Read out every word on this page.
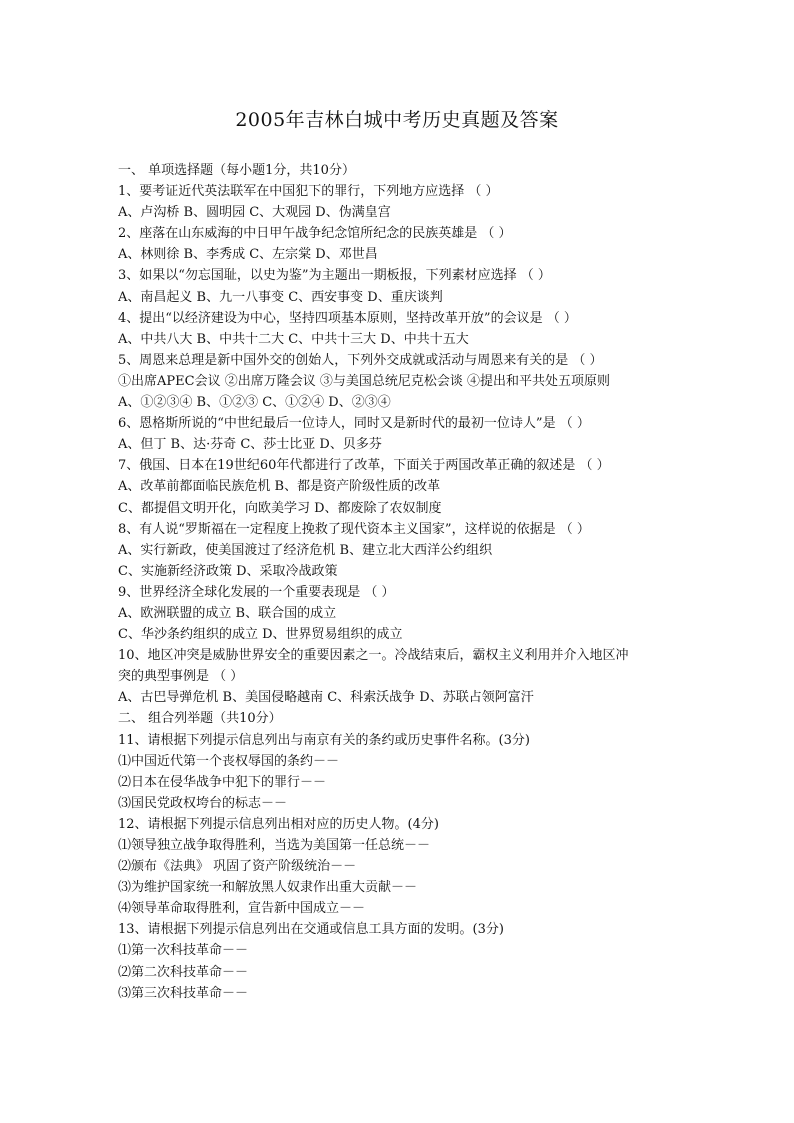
2005年吉林白城中考历史真题及答案
一、 单项选择题（每小题1分，共10分）
1、要考证近代英法联军在中国犯下的罪行，下列地方应选择 （ ）
A、卢沟桥 B、圆明园 C、大观园 D、伪满皇宫
2、座落在山东威海的中日甲午战争纪念馆所纪念的民族英雄是 （ ）
A、林则徐 B、李秀成 C、左宗棠 D、邓世昌
3、如果以“勿忘国耻，以史为鉴”为主题出一期板报，下列素材应选择 （ ）
A、南昌起义 B、九一八事变 C、西安事变 D、重庆谈判
4、提出“以经济建设为中心，坚持四项基本原则，坚持改革开放”的会议是 （ ）
A、中共八大 B、中共十二大 C、中共十三大 D、中共十五大
5、周恩来总理是新中国外交的创始人，下列外交成就或活动与周恩来有关的是 （ ）
①出席APEC会议 ②出席万隆会议 ③与美国总统尼克松会谈 ④提出和平共处五项原则
A、①②③④ B、①②③ C、①②④ D、②③④
6、恩格斯所说的“中世纪最后一位诗人，同时又是新时代的最初一位诗人”是 （ ）
A、但丁 B、达·芬奇 C、莎士比亚 D、贝多芬
7、俄国、日本在19世纪60年代都进行了改革，下面关于两国改革正确的叙述是 （ ）
A、改革前都面临民族危机 B、都是资产阶级性质的改革
C、都提倡文明开化，向欧美学习 D、都废除了农奴制度
8、有人说“罗斯福在一定程度上挽救了现代资本主义国家”，这样说的依据是 （ ）
A、实行新政，使美国渡过了经济危机 B、建立北大西洋公约组织
C、实施新经济政策 D、采取冷战政策
9、世界经济全球化发展的一个重要表现是 （ ）
A、欧洲联盟的成立 B、联合国的成立
C、华沙条约组织的成立 D、世界贸易组织的成立
10、地区冲突是威胁世界安全的重要因素之一。冷战结束后，霸权主义利用并介入地区冲
突的典型事例是 （ ）
A、古巴导弹危机 B、美国侵略越南 C、科索沃战争 D、苏联占领阿富汗
二、 组合列举题（共10分）
11、请根据下列提示信息列出与南京有关的条约或历史事件名称。(3分)
⑴中国近代第一个丧权辱国的条约－－
⑵日本在侵华战争中犯下的罪行－－
⑶国民党政权垮台的标志－－
12、请根据下列提示信息列出相对应的历史人物。(4分)
⑴领导独立战争取得胜利，当选为美国第一任总统－－
⑵颁布《法典》 巩固了资产阶级统治－－
⑶为维护国家统一和解放黑人奴隶作出重大贡献－－
⑷领导革命取得胜利，宣告新中国成立－－
13、请根据下列提示信息列出在交通或信息工具方面的发明。(3分)
⑴第一次科技革命－－
⑵第二次科技革命－－
⑶第三次科技革命－－
